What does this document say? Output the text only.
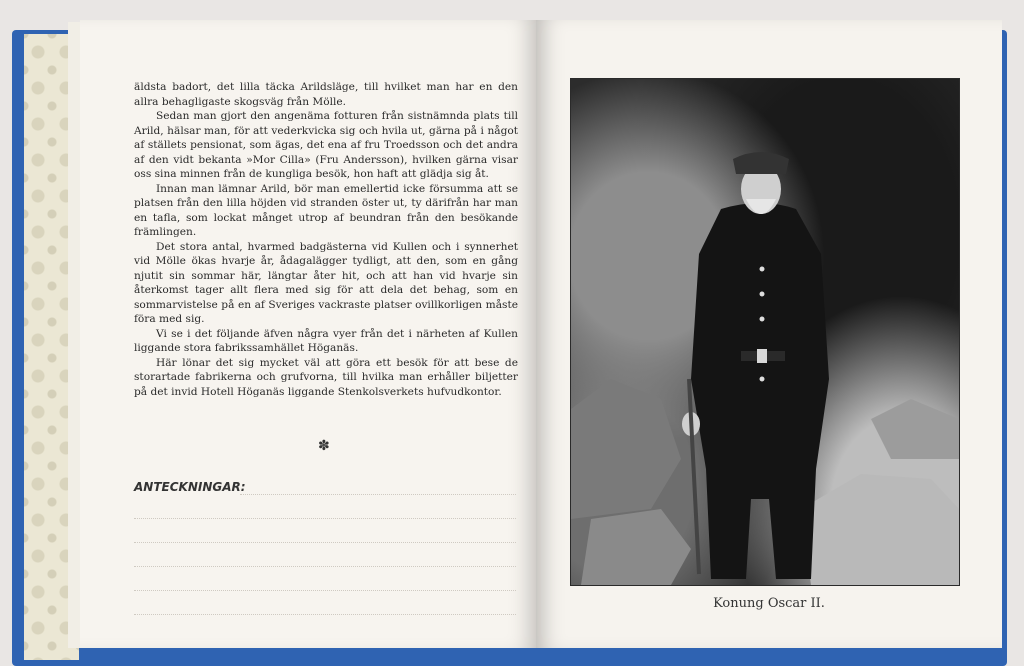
äldsta badort, det lilla täcka Arildsläge, till hvilket man har en den allra behagligaste skogsväg från Mölle.

Sedan man gjort den angenäma fotturen från sistnämnda plats till Arild, hälsar man, för att vederkvicka sig och hvila ut, gärna på i något af ställets pensionat, som ägas, det ena af fru Troedsson och det andra af den vidt bekanta »Mor Cilla» (Fru Andersson), hvilken gärna visar oss sina minnen från de kungliga besök, hon haft att glädja sig åt.

Innan man lämnar Arild, bör man emellertid icke försumma att se platsen från den lilla höjden vid stranden öster ut, ty därifrån har man en tafla, som lockat månget utrop af beundran från den besökande främlingen.

Det stora antal, hvarmed badgästerna vid Kullen och i synnerhet vid Mölle ökas hvarje år, ådagalägger tydligt, att den, som en gång njutit sin sommar här, längtar åter hit, och att han vid hvarje sin återkomst tager allt flera med sig för att dela det behag, som en sommarvistelse på en af Sveriges vackraste platser ovillkorligen måste föra med sig.

Vi se i det följande äfven några vyer från det i närheten af Kullen liggande stora fabrikssamhället Höganäs.

Här lönar det sig mycket väl att göra ett besök för att bese de storartade fabrikerna och grufvorna, till hvilka man erhåller biljetter på det invid Hotell Höganäs liggande Stenkolsverkets hufvudkontor.

✽
ANTECKNINGAR:
Konung Oscar II.
